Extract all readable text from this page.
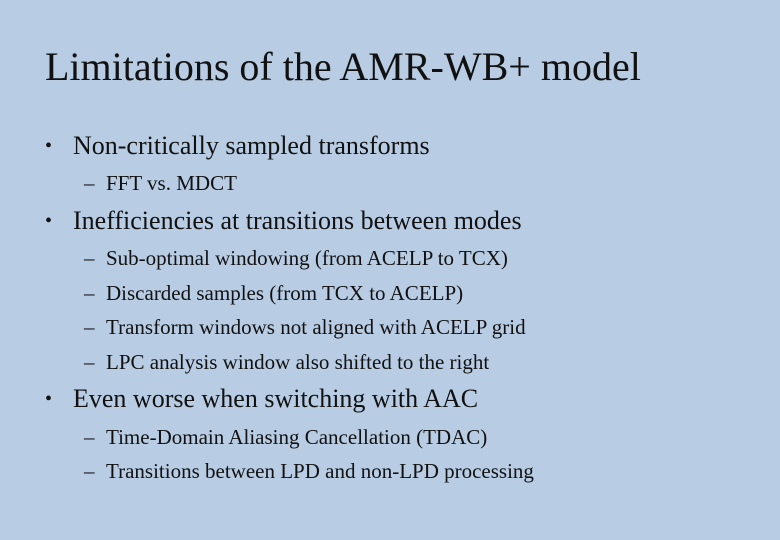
Limitations of the AMR-WB+ model
• Non-critically sampled transforms
– FFT vs. MDCT
• Inefficiencies at transitions between modes
– Sub-optimal windowing (from ACELP to TCX)
– Discarded samples (from TCX to ACELP)
– Transform windows not aligned with ACELP grid
– LPC analysis window also shifted to the right
• Even worse when switching with AAC
– Time-Domain Aliasing Cancellation (TDAC)
– Transitions between LPD and non-LPD processing
